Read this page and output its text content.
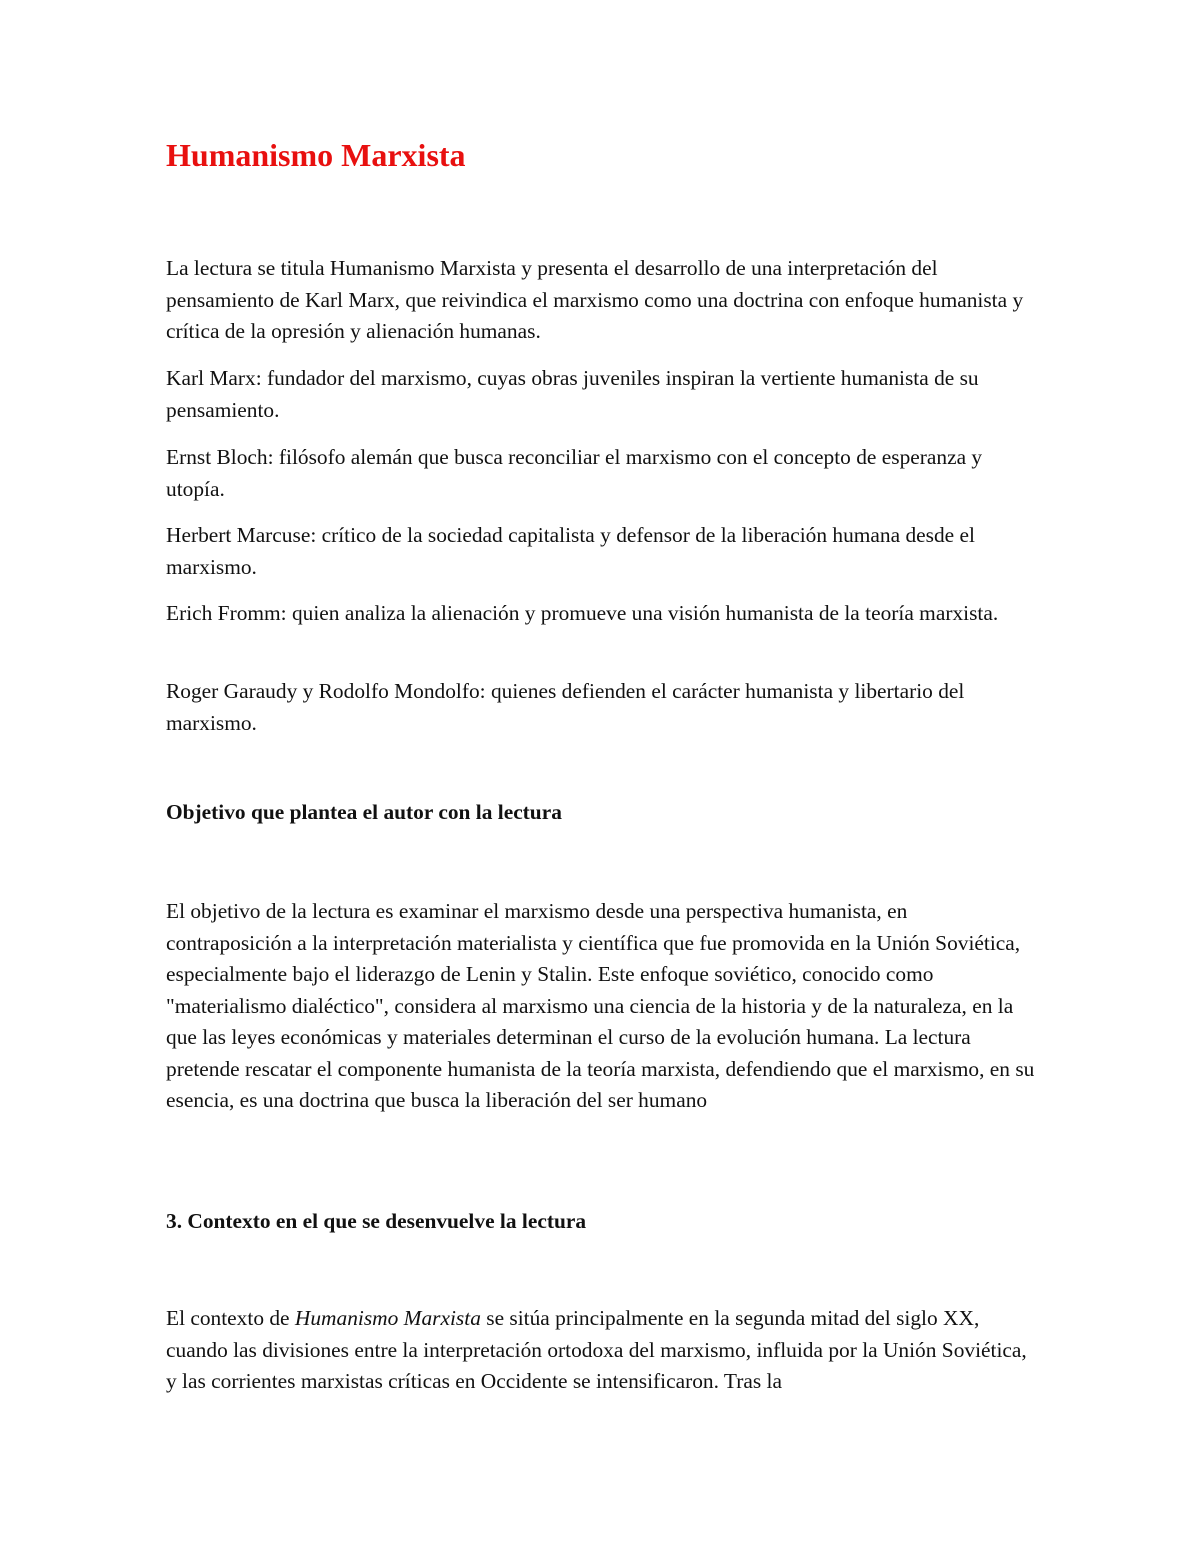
Humanismo Marxista

La lectura se titula Humanismo Marxista y presenta el desarrollo de una interpretación del pensamiento de Karl Marx, que reivindica el marxismo como una doctrina con enfoque humanista y crítica de la opresión y alienación humanas.

Karl Marx: fundador del marxismo, cuyas obras juveniles inspiran la vertiente humanista de su pensamiento.

Ernst Bloch: filósofo alemán que busca reconciliar el marxismo con el concepto de esperanza y utopía.

Herbert Marcuse: crítico de la sociedad capitalista y defensor de la liberación humana desde el marxismo.

Erich Fromm: quien analiza la alienación y promueve una visión humanista de la teoría marxista.

Roger Garaudy y Rodolfo Mondolfo: quienes defienden el carácter humanista y libertario del marxismo.

Objetivo que plantea el autor con la lectura

El objetivo de la lectura es examinar el marxismo desde una perspectiva humanista, en contraposición a la interpretación materialista y científica que fue promovida en la Unión Soviética, especialmente bajo el liderazgo de Lenin y Stalin. Este enfoque soviético, conocido como "materialismo dialéctico", considera al marxismo una ciencia de la historia y de la naturaleza, en la que las leyes económicas y materiales determinan el curso de la evolución humana. La lectura pretende rescatar el componente humanista de la teoría marxista, defendiendo que el marxismo, en su esencia, es una doctrina que busca la liberación del ser humano

3. Contexto en el que se desenvuelve la lectura

El contexto de Humanismo Marxista se sitúa principalmente en la segunda mitad del siglo XX, cuando las divisiones entre la interpretación ortodoxa del marxismo, influida por la Unión Soviética, y las corrientes marxistas críticas en Occidente se intensificaron. Tras la
